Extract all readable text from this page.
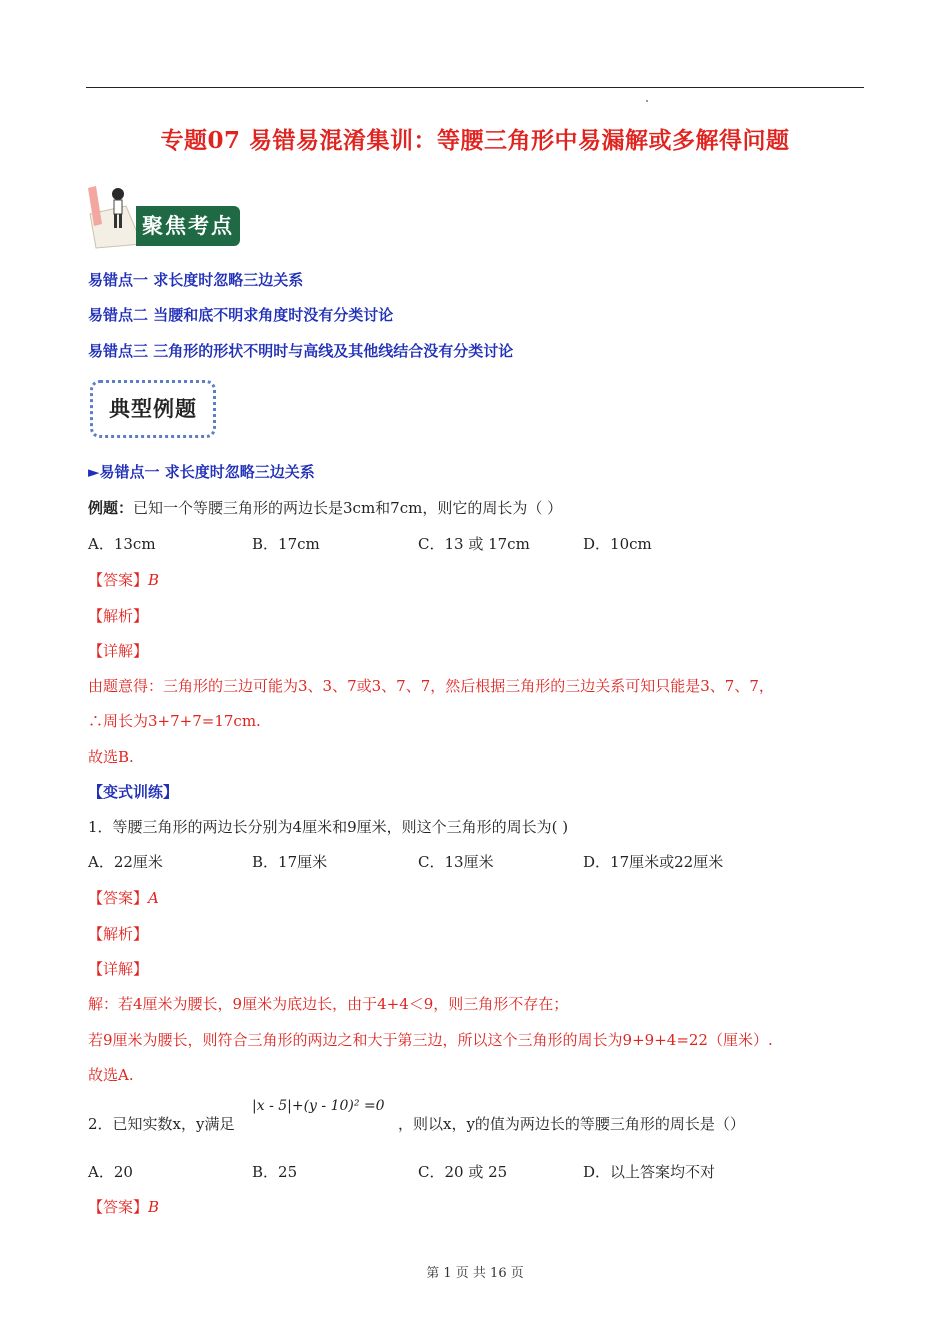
专题07 易错易混淆集训：等腰三角形中易漏解或多解得问题
聚焦考点
易错点一 求长度时忽略三边关系
易错点二 当腰和底不明求角度时没有分类讨论
易错点三 三角形的形状不明时与高线及其他线结合没有分类讨论
典型例题
►易错点一 求长度时忽略三边关系
例题：已知一个等腰三角形的两边长是3cm和7cm，则它的周长为（ ）
A．13cm	B．17cm	C．13 或 17cm	D．10cm
【答案】B
【解析】
【详解】
由题意得：三角形的三边可能为3、3、7或3、7、7，然后根据三角形的三边关系可知只能是3、7、7，
∴周长为3+7+7=17cm.
故选B.
【变式训练】
1．等腰三角形的两边长分别为4厘米和9厘米，则这个三角形的周长为( )
A．22厘米	B．17厘米	C．13厘米	D．17厘米或22厘米
【答案】A
【解析】
【详解】
解：若4厘米为腰长，9厘米为底边长，由于4+4＜9，则三角形不存在；
若9厘米为腰长，则符合三角形的两边之和大于第三边，所以这个三角形的周长为9+9+4=22（厘米）.
故选A.
2．已知实数x，y满足
|x - 5|+(y - 10)² =0
，则以x，y的值为两边长的等腰三角形的周长是（）
A．20	B．25	C．20 或 25	D．以上答案均不对
【答案】B
第 1 页 共 16 页
